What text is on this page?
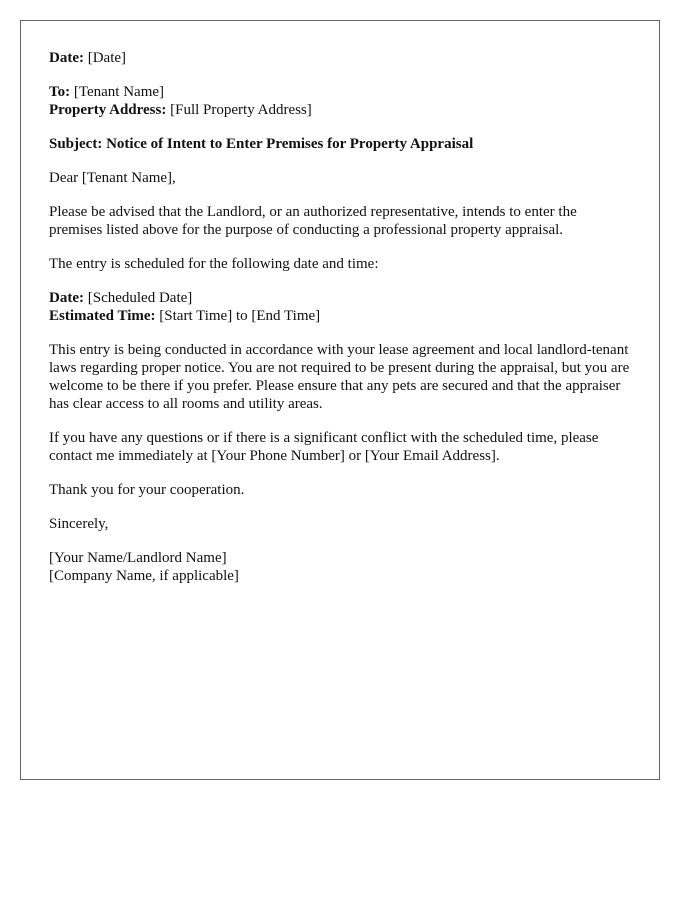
Date: [Date]

To: [Tenant Name]
Property Address: [Full Property Address]

Subject: Notice of Intent to Enter Premises for Property Appraisal

Dear [Tenant Name],

Please be advised that the Landlord, or an authorized representative, intends to enter the premises listed above for the purpose of conducting a professional property appraisal.

The entry is scheduled for the following date and time:

Date: [Scheduled Date]
Estimated Time: [Start Time] to [End Time]

This entry is being conducted in accordance with your lease agreement and local landlord-tenant laws regarding proper notice. You are not required to be present during the appraisal, but you are welcome to be there if you prefer. Please ensure that any pets are secured and that the appraiser has clear access to all rooms and utility areas.

If you have any questions or if there is a significant conflict with the scheduled time, please contact me immediately at [Your Phone Number] or [Your Email Address].

Thank you for your cooperation.

Sincerely,

[Your Name/Landlord Name]
[Company Name, if applicable]
